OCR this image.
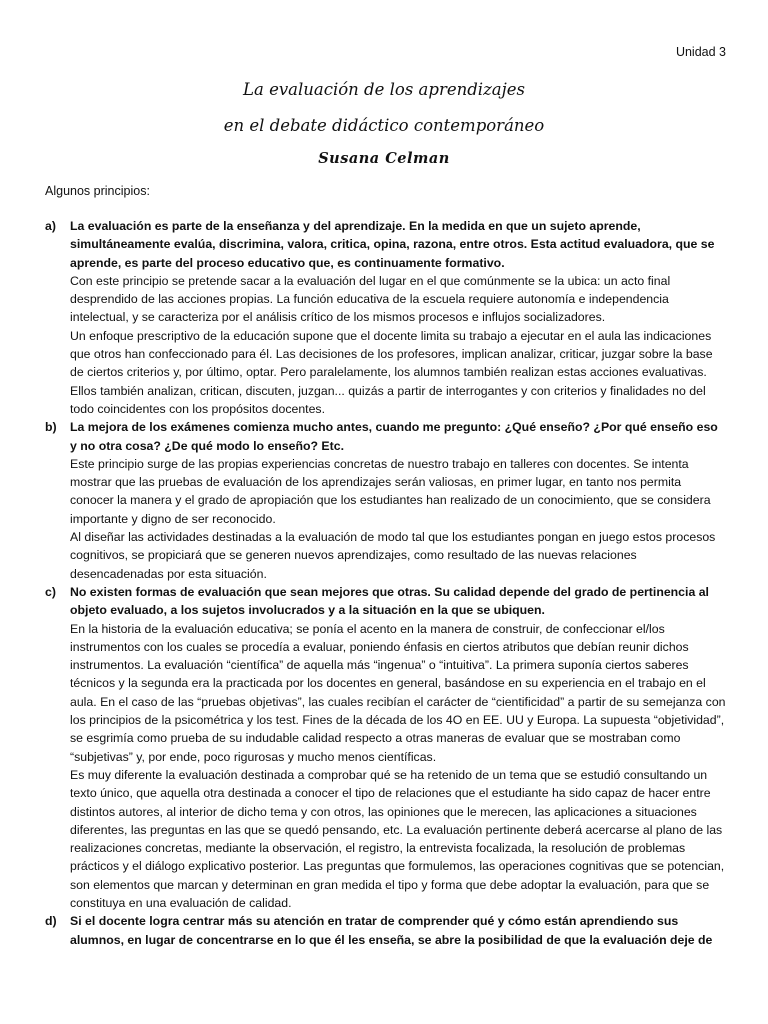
Unidad 3
La evaluación de los aprendizajes
en el debate didáctico contemporáneo
Susana Celman
Algunos principios:
a)	La evaluación es parte de la enseñanza y del aprendizaje. En la medida en que un sujeto aprende, simultáneamente evalúa, discrimina, valora, critica, opina, razona, entre otros. Esta actitud evaluadora, que se aprende, es parte del proceso educativo que, es continuamente formativo.

Con este principio se pretende sacar a la evaluación del lugar en el que comúnmente se la ubica: un acto final desprendido de las acciones propias. La función educativa de la escuela requiere autonomía e independencia intelectual, y se caracteriza por el análisis crítico de los mismos procesos e influjos socializadores.

Un enfoque prescriptivo de la educación supone que el docente limita su trabajo a ejecutar en el aula las indicaciones que otros han confeccionado para él. Las decisiones de los profesores, implican analizar, criticar, juzgar sobre la base de ciertos criterios y, por último, optar. Pero paralelamente, los alumnos también realizan estas acciones evaluativas. Ellos también analizan, critican, discuten, juzgan... quizás a partir de interrogantes y con criterios y finalidades no del todo coincidentes con los propósitos docentes.

b)	La mejora de los exámenes comienza mucho antes, cuando me pregunto: ¿Qué enseño? ¿Por qué enseño eso y no otra cosa? ¿De qué modo lo enseño? Etc.

Este principio surge de las propias experiencias concretas de nuestro trabajo en talleres con docentes. Se intenta mostrar que las pruebas de evaluación de los aprendizajes serán valiosas, en primer lugar, en tanto nos permita conocer la manera y el grado de apropiación que los estudiantes han realizado de un conocimiento, que se considera importante y digno de ser reconocido.

Al diseñar las actividades destinadas a la evaluación de modo tal que los estudiantes pongan en juego estos procesos cognitivos, se propiciará que se generen nuevos aprendizajes, como resultado de las nuevas relaciones desencadenadas por esta situación.

c)	No existen formas de evaluación que sean mejores que otras. Su calidad depende del grado de pertinencia al objeto evaluado, a los sujetos involucrados y a la situación en la que se ubiquen.

En la historia de la evaluación educativa; se ponía el acento en la manera de construir, de confeccionar el/los instrumentos con los cuales se procedía a evaluar, poniendo énfasis en ciertos atributos que debían reunir dichos instrumentos. La evaluación “científica” de aquella más “ingenua” o “intuitiva”. La primera suponía ciertos saberes técnicos y la segunda era la practicada por los docentes en general, basándose en su experiencia en el trabajo en el aula. En el caso de las “pruebas objetivas”, las cuales recibían el carácter de “cientificidad” a partir de su semejanza con los principios de la psicométrica y los test. Fines de la década de los 4O en EE. UU y Europa. La supuesta “objetividad”, se esgrimía como prueba de su indudable calidad respecto a otras maneras de evaluar que se mostraban como “subjetivas” y, por ende, poco rigurosas y mucho menos científicas.

Es muy diferente la evaluación destinada a comprobar qué se ha retenido de un tema que se estudió consultando un texto único, que aquella otra destinada a conocer el tipo de relaciones que el estudiante ha sido capaz de hacer entre distintos autores, al interior de dicho tema y con otros, las opiniones que le merecen, las aplicaciones a situaciones diferentes, las preguntas en las que se quedó pensando, etc. La evaluación pertinente deberá acercarse al plano de las realizaciones concretas, mediante la observación, el registro, la entrevista focalizada, la resolución de problemas prácticos y el diálogo explicativo posterior. Las preguntas que formulemos, las operaciones cognitivas que se potencian, son elementos que marcan y determinan en gran medida el tipo y forma que debe adoptar la evaluación, para que se constituya en una evaluación de calidad.

d)	Si el docente logra centrar más su atención en tratar de comprender qué y cómo están aprendiendo sus alumnos, en lugar de concentrarse en lo que él les enseña, se abre la posibilidad de que la evaluación deje de
